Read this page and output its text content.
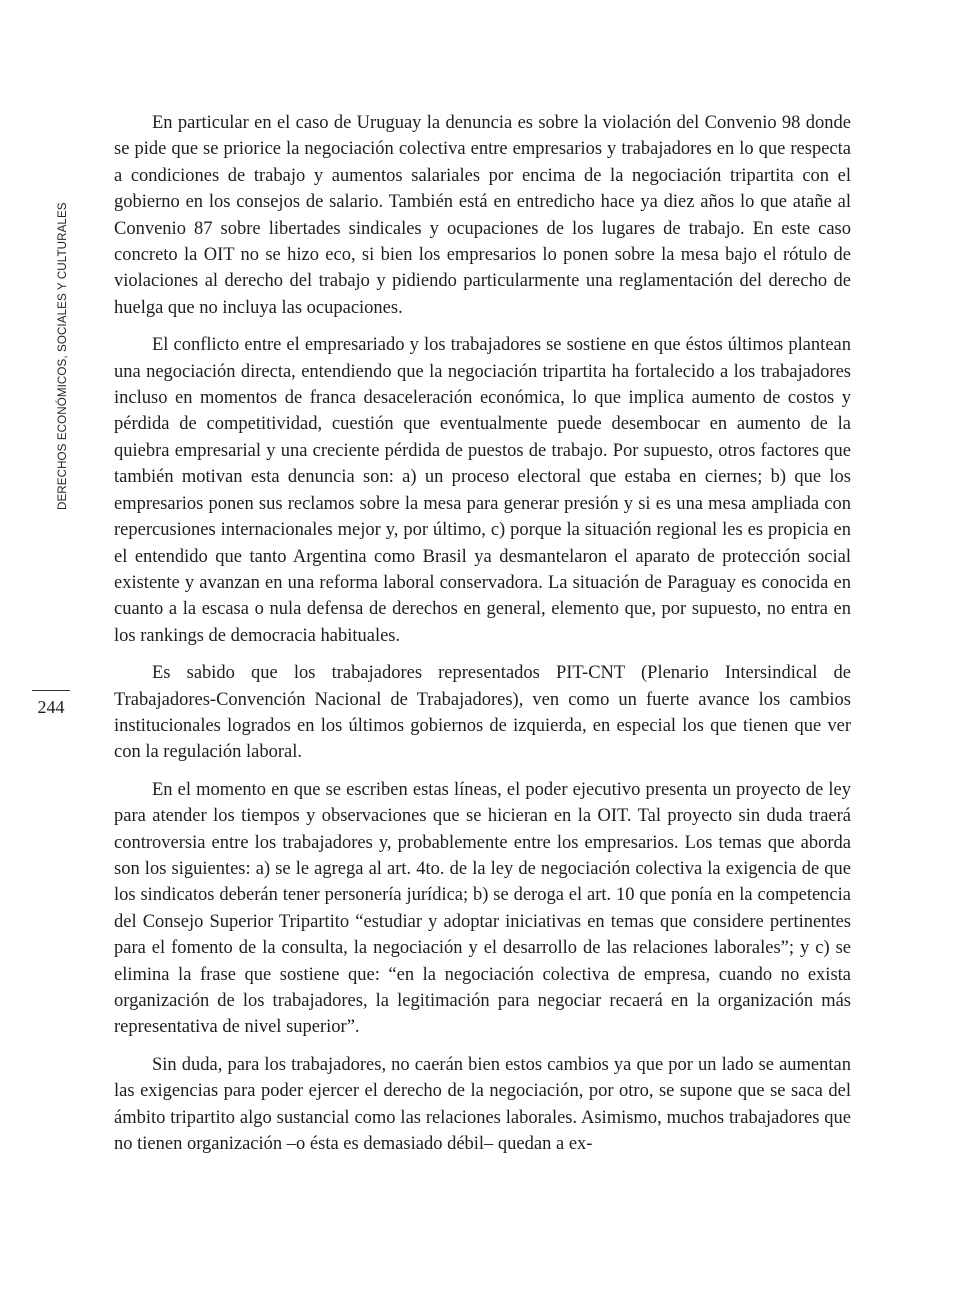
DERECHOS ECONÓMICOS, SOCIALES Y CULTURALES
244

En particular en el caso de Uruguay la denuncia es sobre la violación del Convenio 98 donde se pide que se priorice la negociación colectiva entre empresarios y trabajadores en lo que respecta a condiciones de trabajo y aumentos salariales por encima de la negociación tripartita con el gobierno en los consejos de salario. También está en entredicho hace ya diez años lo que atañe al Convenio 87 sobre libertades sindicales y ocupaciones de los lugares de trabajo. En este caso concreto la OIT no se hizo eco, si bien los empresarios lo ponen sobre la mesa bajo el rótulo de violaciones al derecho del trabajo y pidiendo particularmente una reglamentación del derecho de huelga que no incluya las ocupaciones.

El conflicto entre el empresariado y los trabajadores se sostiene en que éstos últimos plantean una negociación directa, entendiendo que la negociación tripartita ha fortalecido a los trabajadores incluso en momentos de franca desaceleración económica, lo que implica aumento de costos y pérdida de competitividad, cuestión que eventualmente puede desembocar en aumento de la quiebra empresarial y una creciente pérdida de puestos de trabajo. Por supuesto, otros factores que también motivan esta denuncia son: a) un proceso electoral que estaba en ciernes; b) que los empresarios ponen sus reclamos sobre la mesa para generar presión y si es una mesa ampliada con repercusiones internacionales mejor y, por último, c) porque la situación regional les es propicia en el entendido que tanto Argentina como Brasil ya desmantelaron el aparato de protección social existente y avanzan en una reforma laboral conservadora. La situación de Paraguay es conocida en cuanto a la escasa o nula defensa de derechos en general, elemento que, por supuesto, no entra en los rankings de democracia habituales.

Es sabido que los trabajadores representados PIT-CNT (Plenario Intersindical de Trabajadores-Convención Nacional de Trabajadores), ven como un fuerte avance los cambios institucionales logrados en los últimos gobiernos de izquierda, en especial los que tienen que ver con la regulación laboral.

En el momento en que se escriben estas líneas, el poder ejecutivo presenta un proyecto de ley para atender los tiempos y observaciones que se hicieran en la OIT. Tal proyecto sin duda traerá controversia entre los trabajadores y, probablemente entre los empresarios. Los temas que aborda son los siguientes: a) se le agrega al art. 4to. de la ley de negociación colectiva la exigencia de que los sindicatos deberán tener personería jurídica; b) se deroga el art. 10 que ponía en la competencia del Consejo Superior Tripartito “estudiar y adoptar iniciativas en temas que considere pertinentes para el fomento de la consulta, la negociación y el desarrollo de las relaciones laborales”; y c) se elimina la frase que sostiene que: “en la negociación colectiva de empresa, cuando no exista organización de los trabajadores, la legitimación para negociar recaerá en la organización más representativa de nivel superior”.

Sin duda, para los trabajadores, no caerán bien estos cambios ya que por un lado se aumentan las exigencias para poder ejercer el derecho de la negociación, por otro, se supone que se saca del ámbito tripartito algo sustancial como las relaciones laborales. Asimismo, muchos trabajadores que no tienen organización –o ésta es demasiado débil– quedan a ex-
